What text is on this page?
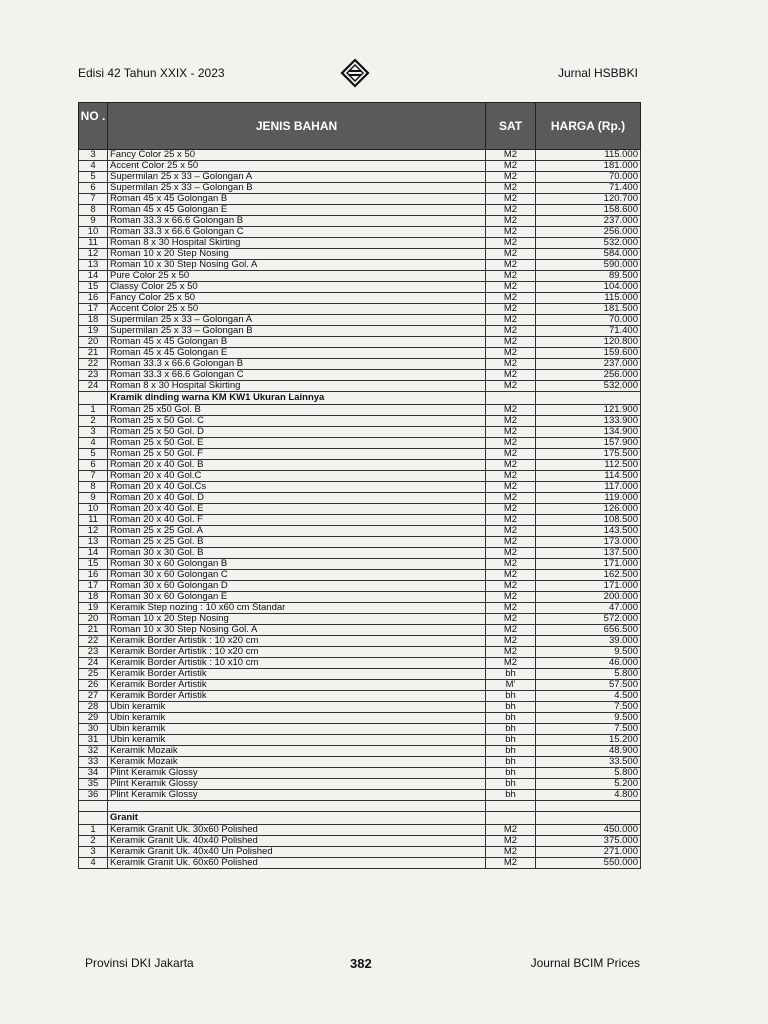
Edisi 42 Tahun XXIX - 2023	Jurnal HSBBKI
NO .	JENIS BAHAN	SAT	HARGA (Rp.)
3	Fancy Color 25 x 50	M2	115.000
4	Accent Color 25 x 50	M2	181.000
5	Supermilan 25 x 33 – Golongan A	M2	70.000
6	Supermilan 25 x 33 – Golongan B	M2	71.400
7	Roman 45 x 45 Golongan B	M2	120.700
8	Roman 45 x 45 Golongan E	M2	158.600
9	Roman 33.3 x 66.6 Golongan B	M2	237.000
10	Roman 33.3 x 66.6 Golongan C	M2	256.000
11	Roman 8 x 30 Hospital Skirting	M2	532.000
12	Roman 10 x 20 Step Nosing	M2	584.000
13	Roman 10 x 30 Step Nosing Gol. A	M2	590.000
14	Pure Color 25 x 50	M2	89.500
15	Classy Color 25 x 50	M2	104.000
16	Fancy Color 25 x 50	M2	115.000
17	Accent Color 25 x 50	M2	181.500
18	Supermilan 25 x 33 – Golongan A	M2	70.000
19	Supermilan 25 x 33 – Golongan B	M2	71.400
20	Roman 45 x 45 Golongan B	M2	120.800
21	Roman 45 x 45 Golongan E	M2	159.600
22	Roman 33.3 x 66.6 Golongan B	M2	237.000
23	Roman 33.3 x 66.6 Golongan C	M2	256.000
24	Roman 8 x 30 Hospital Skirting	M2	532.000
	Kramik dinding warna KM KW1 Ukuran Lainnya		
1	Roman 25 x50 Gol. B	M2	121.900
2	Roman 25 x 50 Gol. C	M2	133.900
3	Roman 25 x 50 Gol. D	M2	134.900
4	Roman 25 x 50 Gol. E	M2	157.900
5	Roman 25 x 50 Gol. F	M2	175.500
6	Roman 20 x 40 Gol. B	M2	112.500
7	Roman 20 x 40 Gol.C	M2	114.500
8	Roman 20 x 40 Gol.Cs	M2	117.000
9	Roman 20 x 40 Gol. D	M2	119.000
10	Roman 20 x 40 Gol. E	M2	126.000
11	Roman 20 x 40 Gol. F	M2	108.500
12	Roman 25 x 25 Gol. A	M2	143.500
13	Roman 25 x 25 Gol. B	M2	173.000
14	Roman 30 x 30 Gol. B	M2	137.500
15	Roman 30 x 60 Golongan B	M2	171.000
16	Roman 30 x 60 Golongan C	M2	162.500
17	Roman 30 x 60 Golongan D	M2	171.000
18	Roman 30 x 60 Golongan E	M2	200.000
19	Keramik Step nozing : 10 x60 cm Standar	M2	47.000
20	Roman 10 x 20 Step Nosing	M2	572.000
21	Roman 10 x 30 Step Nosing Gol. A	M2	656.500
22	Keramik Border Artistik : 10 x20 cm	M2	39.000
23	Keramik Border Artistik : 10 x20 cm	M2	9.500
24	Keramik Border Artistik : 10 x10 cm	M2	46.000
25	Keramik Border Artistik	bh	5.800
26	Keramik Border Artistik	M'	57.500
27	Keramik Border Artistik	bh	4.500
28	Ubin keramik	bh	7.500
29	Ubin keramik	bh	9.500
30	Ubin keramik	bh	7.500
31	Ubin keramik	bh	15.200
32	Keramik Mozaik	bh	48.900
33	Keramik Mozaik	bh	33.500
34	Plint Keramik Glossy	bh	5.800
35	Plint Keramik Glossy	bh	5.200
36	Plint Keramik Glossy	bh	4.800

	Granit		
1	Keramik Granit Uk. 30x60 Polished	M2	450.000
2	Keramik Granit Uk. 40x40 Polished	M2	375.000
3	Keramik Granit Uk. 40x40 Un Polished	M2	271.000
4	Keramik Granit Uk. 60x60 Polished	M2	550.000
Provinsi DKI Jakarta	382	Journal BCIM Prices
